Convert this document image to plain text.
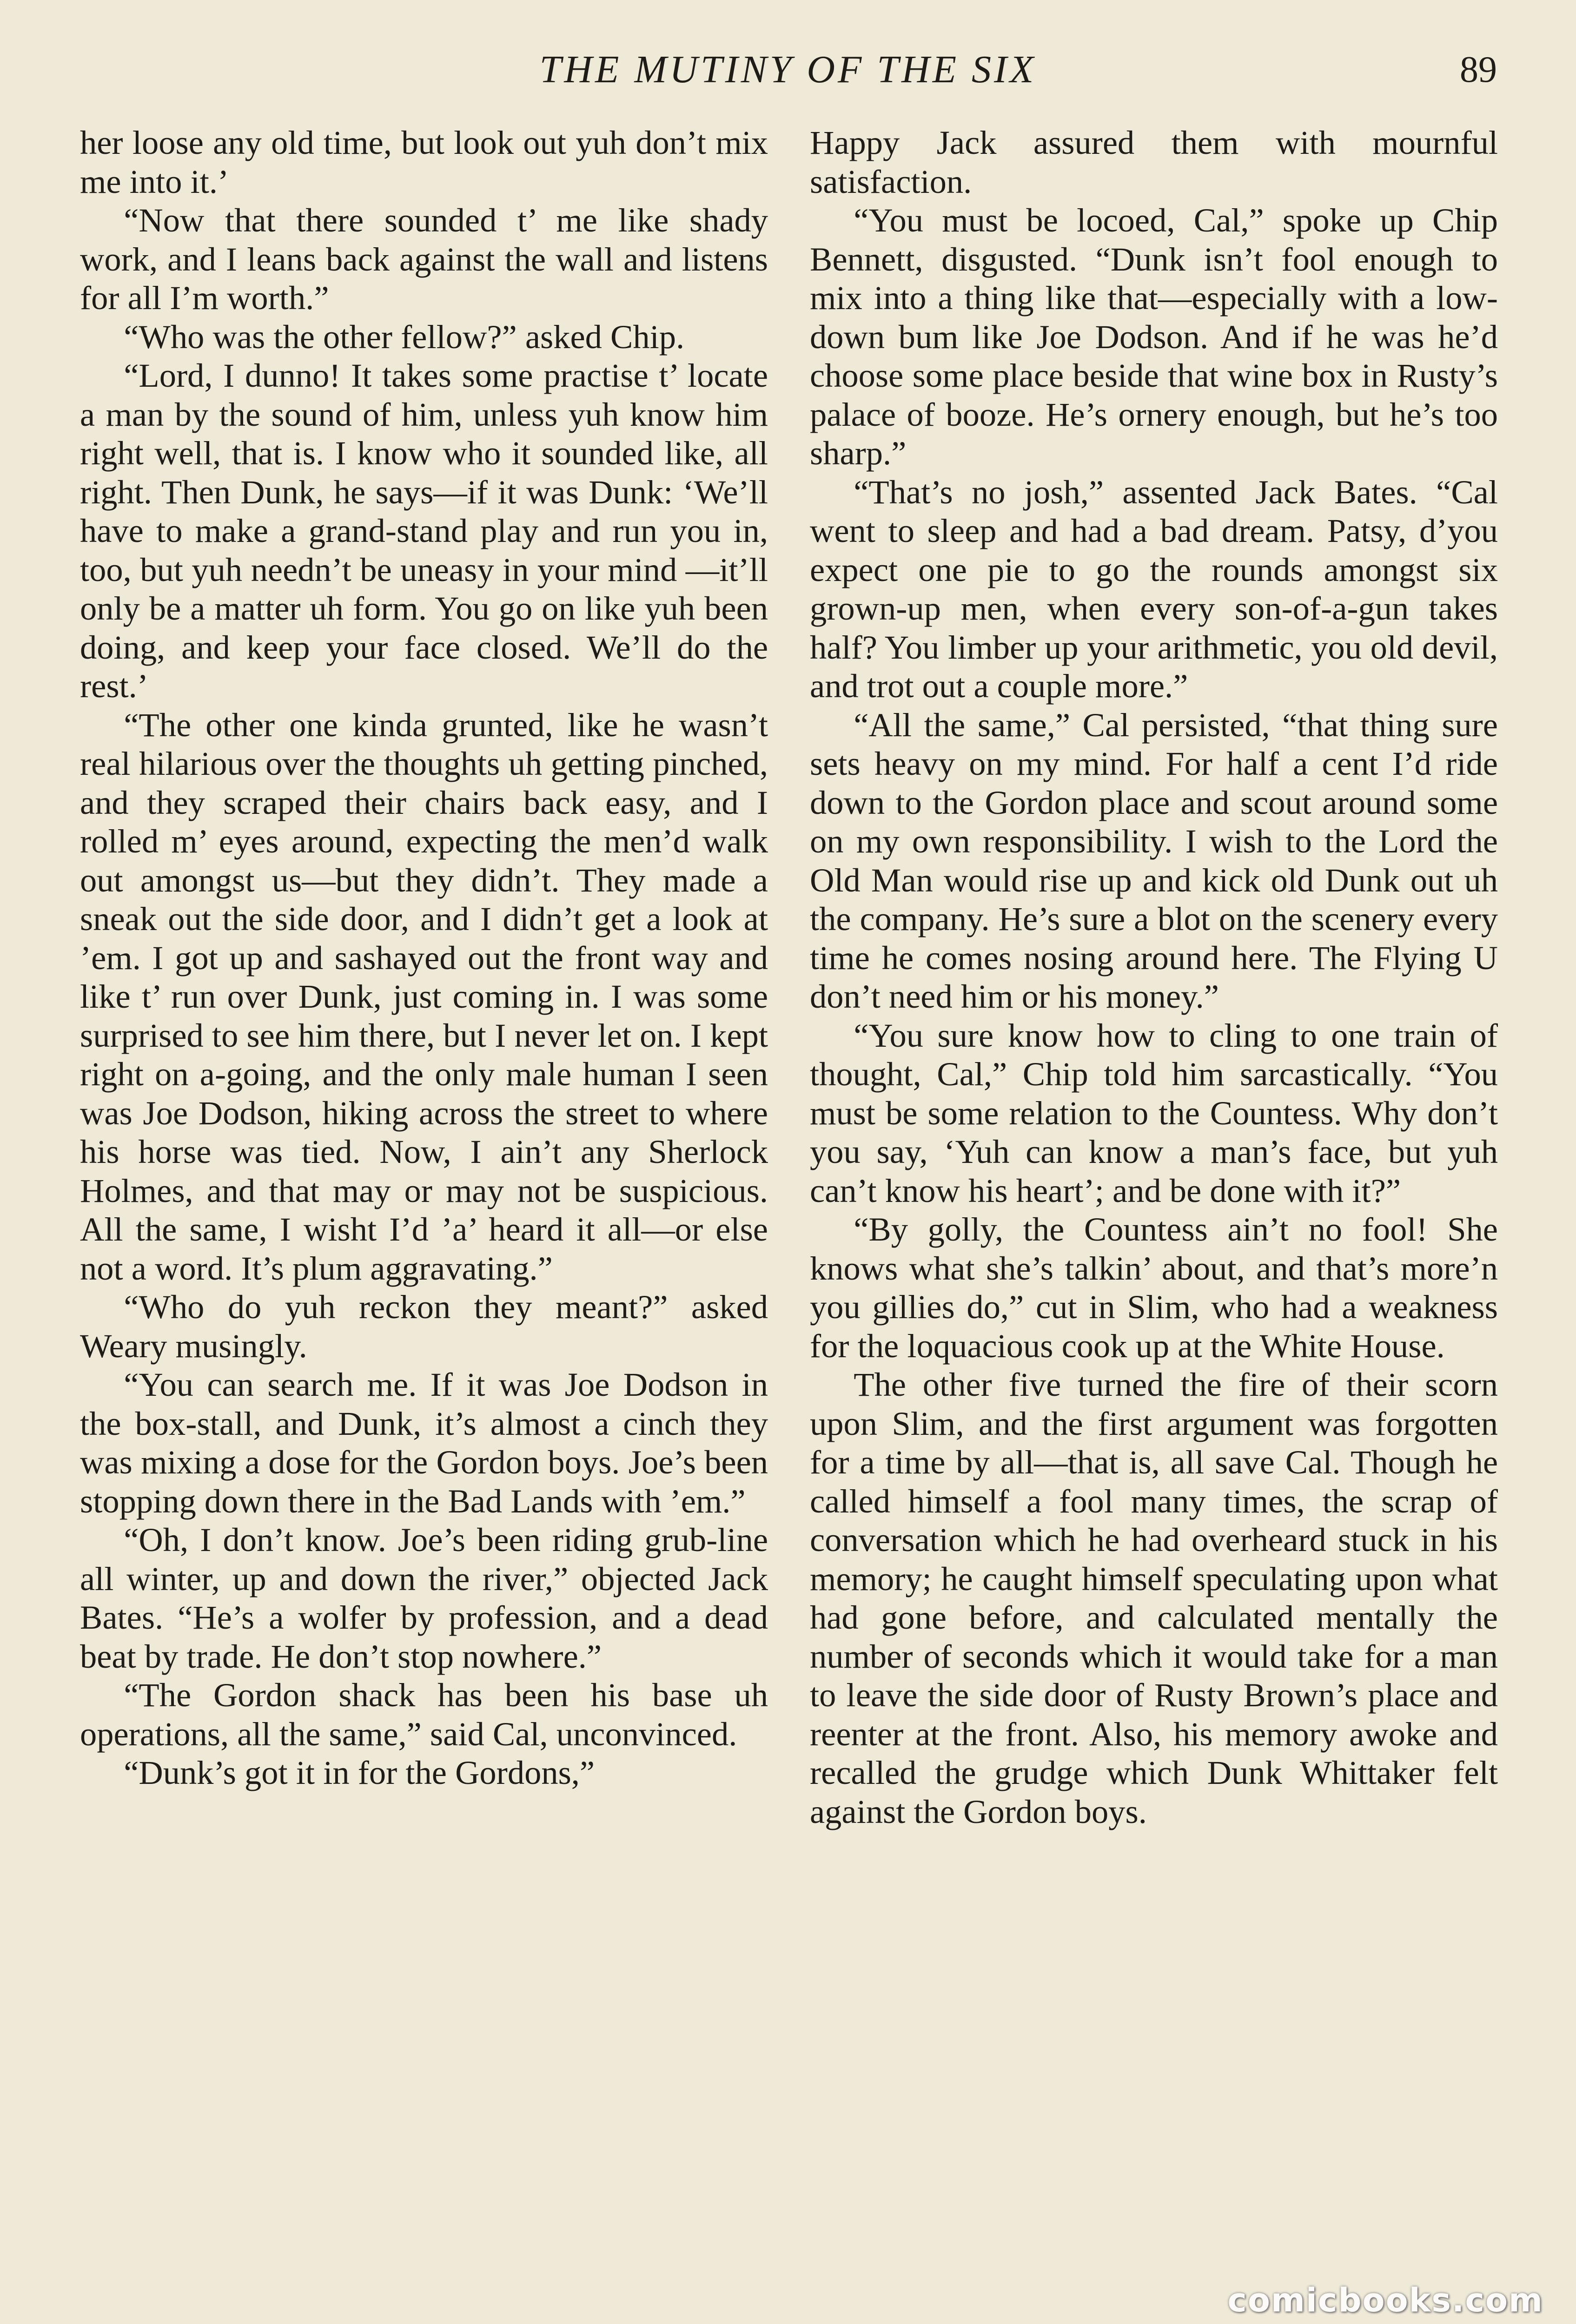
THE MUTINY OF THE SIX	89

her loose any old time, but look out yuh don’t mix me into it.’

“Now that there sounded t’ me like shady work, and I leans back against the wall and listens for all I’m worth.”

“Who was the other fellow?” asked Chip.

“Lord, I dunno! It takes some practise t’ locate a man by the sound of him, unless yuh know him right well, that is. I know who it sounded like, all right. Then Dunk, he says—if it was Dunk: ‘We’ll have to make a grand-stand play and run you in, too, but yuh needn’t be uneasy in your mind —it’ll only be a matter uh form. You go on like yuh been doing, and keep your face closed. We’ll do the rest.’

“The other one kinda grunted, like he wasn’t real hilarious over the thoughts uh getting pinched, and they scraped their chairs back easy, and I rolled m’ eyes around, expecting the men’d walk out amongst us—but they didn’t. They made a sneak out the side door, and I didn’t get a look at ’em. I got up and sashayed out the front way and like t’ run over Dunk, just coming in. I was some surprised to see him there, but I never let on. I kept right on a-going, and the only male human I seen was Joe Dodson, hiking across the street to where his horse was tied. Now, I ain’t any Sherlock Holmes, and that may or may not be suspicious. All the same, I wisht I’d ’a’ heard it all—or else not a word. It’s plum aggravating.”

“Who do yuh reckon they meant?” asked Weary musingly.

“You can search me. If it was Joe Dodson in the box-stall, and Dunk, it’s almost a cinch they was mixing a dose for the Gordon boys. Joe’s been stopping down there in the Bad Lands with ’em.”

“Oh, I don’t know. Joe’s been riding grub-line all winter, up and down the river,” objected Jack Bates. “He’s a wolfer by profession, and a dead beat by trade. He don’t stop nowhere.”

“The Gordon shack has been his base uh operations, all the same,” said Cal, unconvinced.

“Dunk’s got it in for the Gordons,”

Happy Jack assured them with mournful satisfaction.

“You must be locoed, Cal,” spoke up Chip Bennett, disgusted. “Dunk isn’t fool enough to mix into a thing like that—especially with a low-down bum like Joe Dodson. And if he was he’d choose some place beside that wine box in Rusty’s palace of booze. He’s ornery enough, but he’s too sharp.”

“That’s no josh,” assented Jack Bates. “Cal went to sleep and had a bad dream. Patsy, d’you expect one pie to go the rounds amongst six grown-up men, when every son-of-a-gun takes half? You limber up your arithmetic, you old devil, and trot out a couple more.”

“All the same,” Cal persisted, “that thing sure sets heavy on my mind. For half a cent I’d ride down to the Gordon place and scout around some on my own responsibility. I wish to the Lord the Old Man would rise up and kick old Dunk out uh the company. He’s sure a blot on the scenery every time he comes nosing around here. The Flying U don’t need him or his money.”

“You sure know how to cling to one train of thought, Cal,” Chip told him sarcastically. “You must be some relation to the Countess. Why don’t you say, ‘Yuh can know a man’s face, but yuh can’t know his heart’; and be done with it?”

“By golly, the Countess ain’t no fool! She knows what she’s talkin’ about, and that’s more’n you gillies do,” cut in Slim, who had a weakness for the loquacious cook up at the White House.

The other five turned the fire of their scorn upon Slim, and the first argument was forgotten for a time by all—that is, all save Cal. Though he called himself a fool many times, the scrap of conversation which he had overheard stuck in his memory; he caught himself speculating upon what had gone before, and calculated mentally the number of seconds which it would take for a man to leave the side door of Rusty Brown’s place and reenter at the front. Also, his memory awoke and recalled the grudge which Dunk Whittaker felt against the Gordon boys.

comicbooks.com
